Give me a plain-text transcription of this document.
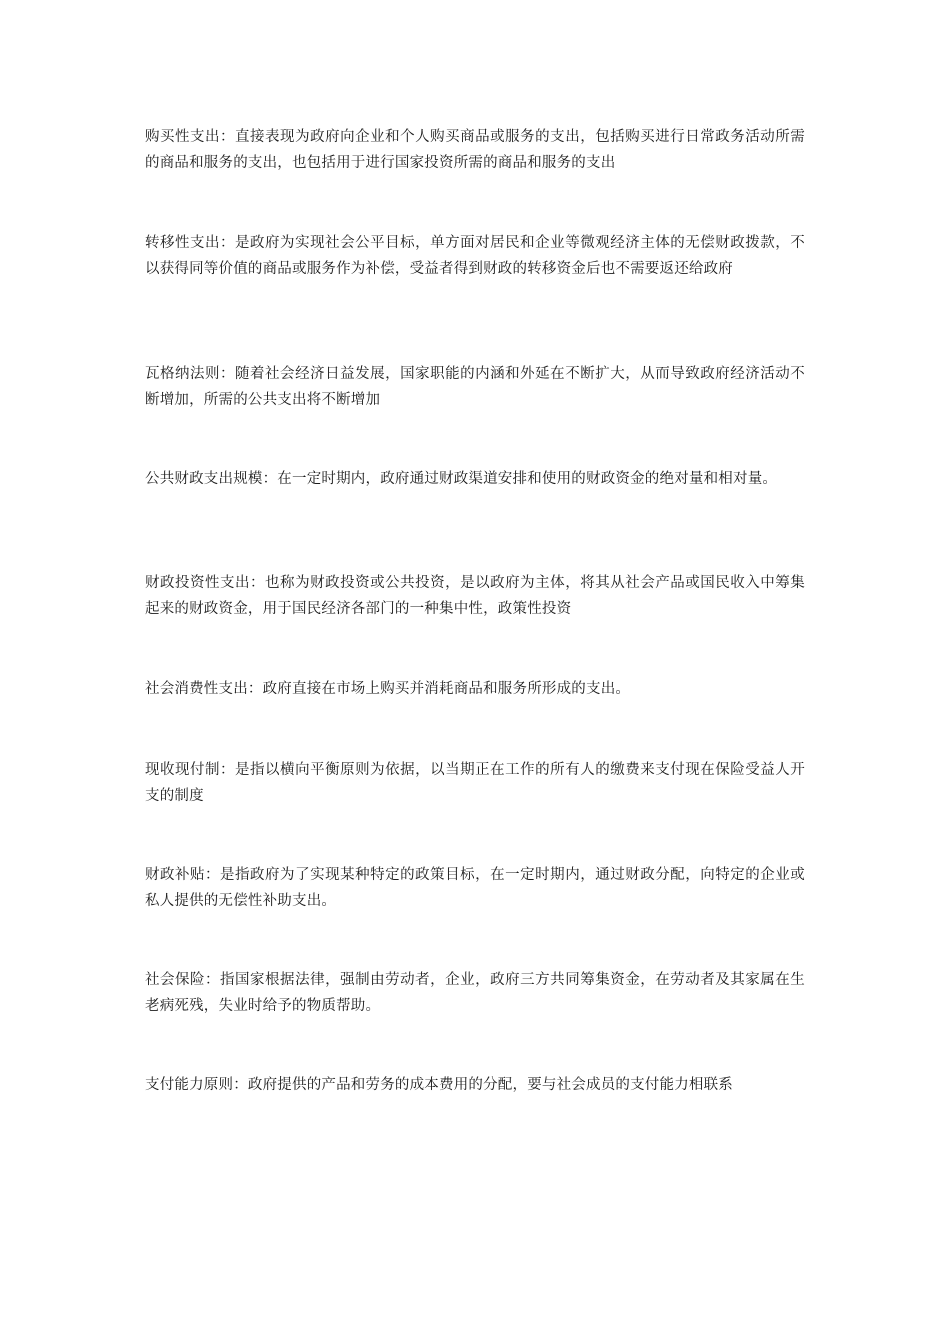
购买性支出：直接表现为政府向企业和个人购买商品或服务的支出，包括购买进行日常政务活动所需的商品和服务的支出，也包括用于进行国家投资所需的商品和服务的支出

转移性支出：是政府为实现社会公平目标，单方面对居民和企业等微观经济主体的无偿财政拨款，不以获得同等价值的商品或服务作为补偿，受益者得到财政的转移资金后也不需要返还给政府

瓦格纳法则：随着社会经济日益发展，国家职能的内涵和外延在不断扩大，从而导致政府经济活动不断增加，所需的公共支出将不断增加

公共财政支出规模：在一定时期内，政府通过财政渠道安排和使用的财政资金的绝对量和相对量。

财政投资性支出：也称为财政投资或公共投资，是以政府为主体，将其从社会产品或国民收入中筹集起来的财政资金，用于国民经济各部门的一种集中性，政策性投资

社会消费性支出：政府直接在市场上购买并消耗商品和服务所形成的支出。

现收现付制：是指以横向平衡原则为依据，以当期正在工作的所有人的缴费来支付现在保险受益人开支的制度

财政补贴：是指政府为了实现某种特定的政策目标，在一定时期内，通过财政分配，向特定的企业或私人提供的无偿性补助支出。

社会保险：指国家根据法律，强制由劳动者，企业，政府三方共同筹集资金，在劳动者及其家属在生老病死残，失业时给予的物质帮助。

支付能力原则：政府提供的产品和劳务的成本费用的分配，要与社会成员的支付能力相联系
